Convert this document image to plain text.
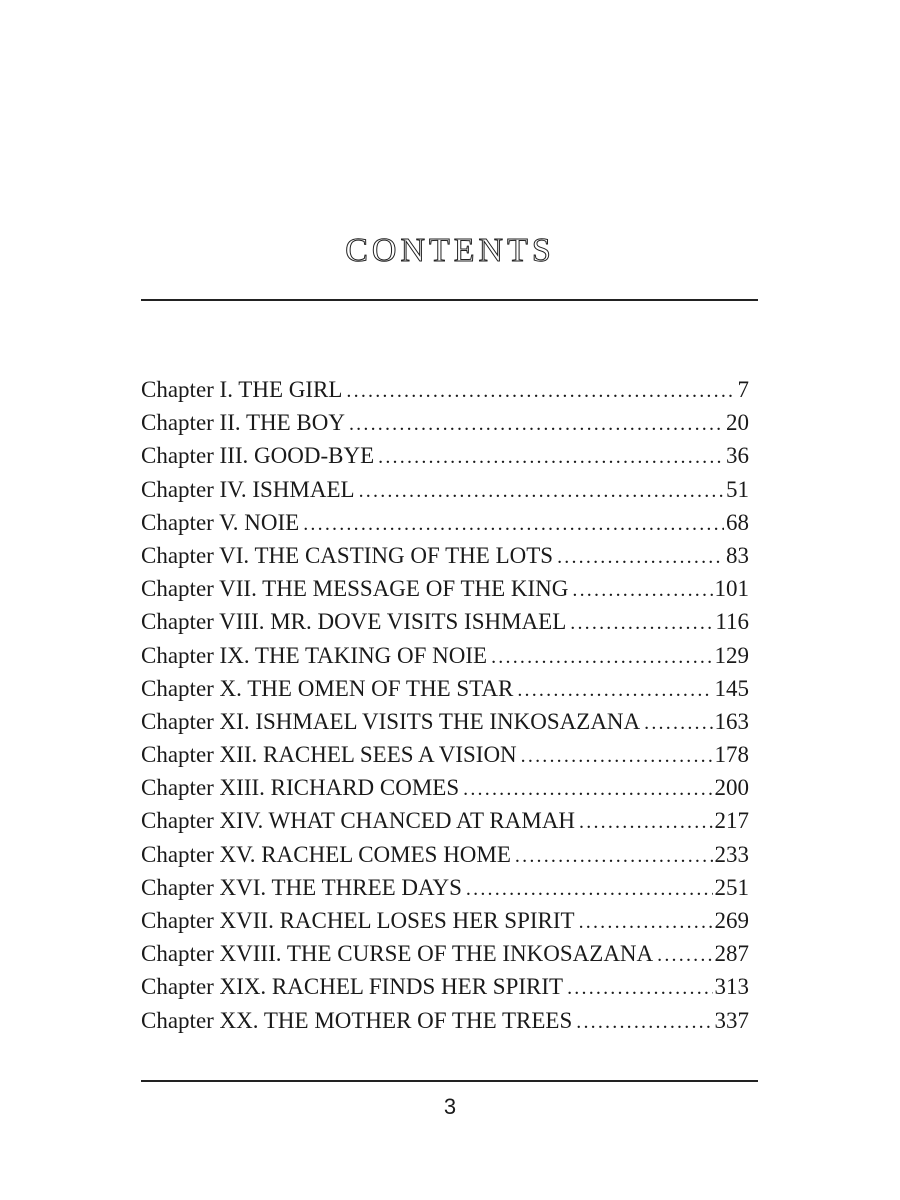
CONTENTS
Chapter I. THE GIRL .....	7
Chapter II. THE BOY .....	20
Chapter III. GOOD-BYE .....	36
Chapter IV. ISHMAEL .....	51
Chapter V. NOIE .....	68
Chapter VI. THE CASTING OF THE LOTS .....	83
Chapter VII. THE MESSAGE OF THE KING .....	101
Chapter VIII. MR. DOVE VISITS ISHMAEL .....	116
Chapter IX. THE TAKING OF NOIE .....	129
Chapter X. THE OMEN OF THE STAR .....	145
Chapter XI. ISHMAEL VISITS THE INKOSAZANA .....	163
Chapter XII. RACHEL SEES A VISION .....	178
Chapter XIII. RICHARD COMES .....	200
Chapter XIV. WHAT CHANCED AT RAMAH .....	217
Chapter XV. RACHEL COMES HOME .....	233
Chapter XVI. THE THREE DAYS .....	251
Chapter XVII. RACHEL LOSES HER SPIRIT .....	269
Chapter XVIII. THE CURSE OF THE INKOSAZANA .....	287
Chapter XIX. RACHEL FINDS HER SPIRIT .....	313
Chapter XX. THE MOTHER OF THE TREES .....	337
3
